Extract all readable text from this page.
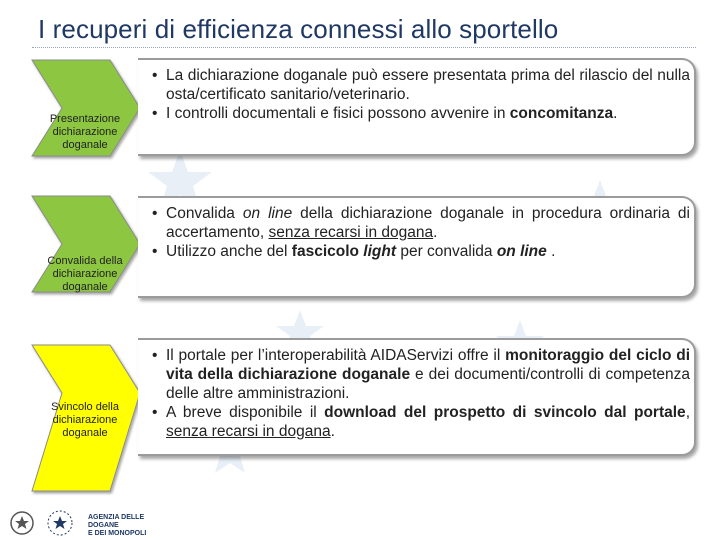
I recuperi di efficienza connessi allo sportello
Presentazione dichiarazione doganale
Convalida della dichiarazione doganale
Svincolo della dichiarazione doganale
• La dichiarazione doganale può essere presentata prima del rilascio del nulla osta/certificato sanitario/veterinario.
• I controlli documentali e fisici possono avvenire in concomitanza.
• Convalida on line della dichiarazione doganale in procedura ordinaria di accertamento, senza recarsi in dogana.
• Utilizzo anche del fascicolo light per convalida on line .
• Il portale per l’interoperabilità AIDAServizi offre il monitoraggio del ciclo di vita della dichiarazione doganale e dei documenti/controlli di competenza delle altre amministrazioni.
• A breve disponibile il download del prospetto di svincolo dal portale, senza recarsi in dogana.
AGENZIA DELLE DOGANE
E DEI MONOPOLI
